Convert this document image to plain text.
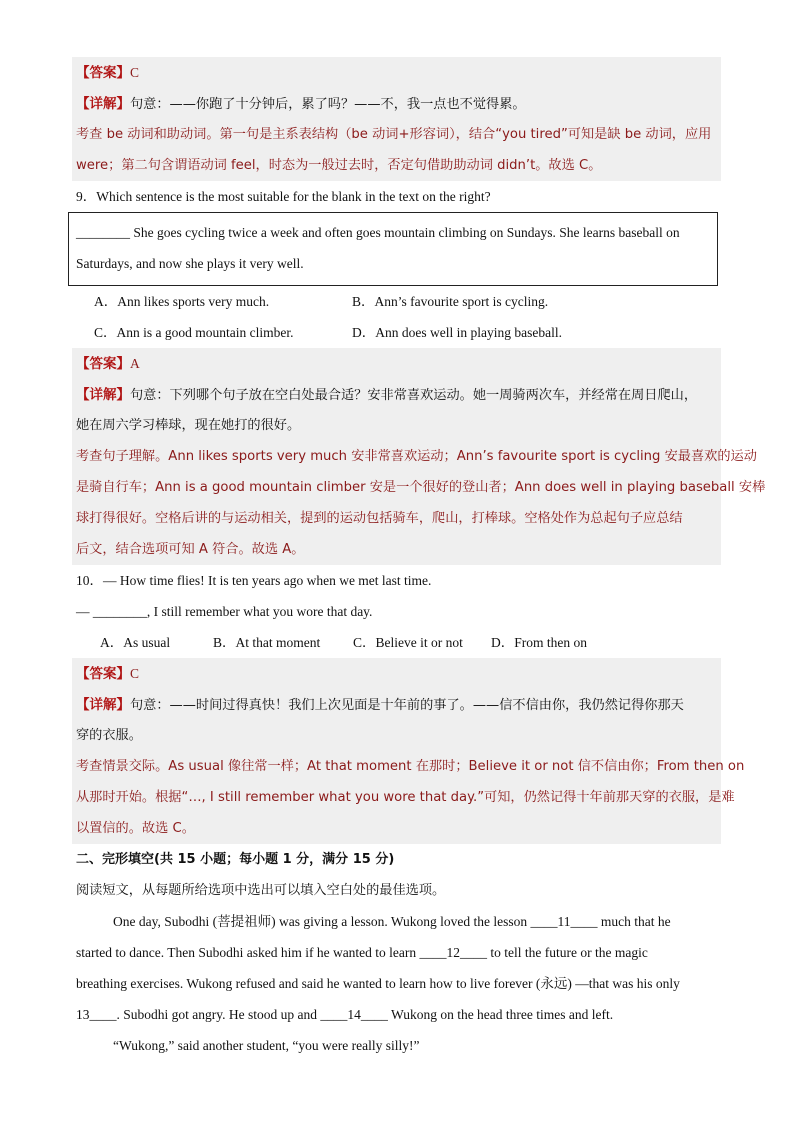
【答案】C
【详解】句意：——你跑了十分钟后，累了吗？——不，我一点也不觉得累。
考查 be 动词和助动词。第一句是主系表结构（be 动词+形容词），结合“you tired”可知是缺 be 动词，应用
were；第二句含谓语动词 feel，时态为一般过去时，否定句借助助动词 didn’t。故选 C。
9．Which sentence is the most suitable for the blank in the text on the right?
________ She goes cycling twice a week and often goes mountain climbing on Sundays. She learns baseball on
Saturdays, and now she plays it very well.
A．Ann likes sports very much.	B．Ann’s favourite sport is cycling.
C．Ann is a good mountain climber.	D．Ann does well in playing baseball.
【答案】A
【详解】句意：下列哪个句子放在空白处最合适？安非常喜欢运动。她一周骑两次车，并经常在周日爬山，
她在周六学习棒球，现在她打的很好。
考查句子理解。Ann likes sports very much 安非常喜欢运动；Ann’s favourite sport is cycling 安最喜欢的运动
是骑自行车；Ann is a good mountain climber 安是一个很好的登山者；Ann does well in playing baseball 安棒
球打得很好。空格后讲的与运动相关，提到的运动包括骑车，爬山，打棒球。空格处作为总起句子应总结
后文，结合选项可知 A 符合。故选 A。
10．— How time flies! It is ten years ago when we met last time.
— ________, I still remember what you wore that day.
A．As usual	B．At that moment	C．Believe it or not	D．From then on
【答案】C
【详解】句意：——时间过得真快！我们上次见面是十年前的事了。——信不信由你，我仍然记得你那天
穿的衣服。
考查情景交际。As usual 像往常一样；At that moment 在那时；Believe it or not 信不信由你；From then on
从那时开始。根据“…, I still remember what you wore that day.”可知，仍然记得十年前那天穿的衣服，是难
以置信的。故选 C。
二、完形填空(共 15 小题；每小题 1 分，满分 15 分)
阅读短文，从每题所给选项中选出可以填入空白处的最佳选项。
One day, Subodhi (菩提祖师) was giving a lesson. Wukong loved the lesson ____11____ much that he
started to dance. Then Subodhi asked him if he wanted to learn ____12____ to tell the future or the magic
breathing exercises. Wukong refused and said he wanted to learn how to live forever (永远) —that was his only
13____. Subodhi got angry. He stood up and ____14____ Wukong on the head three times and left.
“Wukong,” said another student, “you were really silly!”
